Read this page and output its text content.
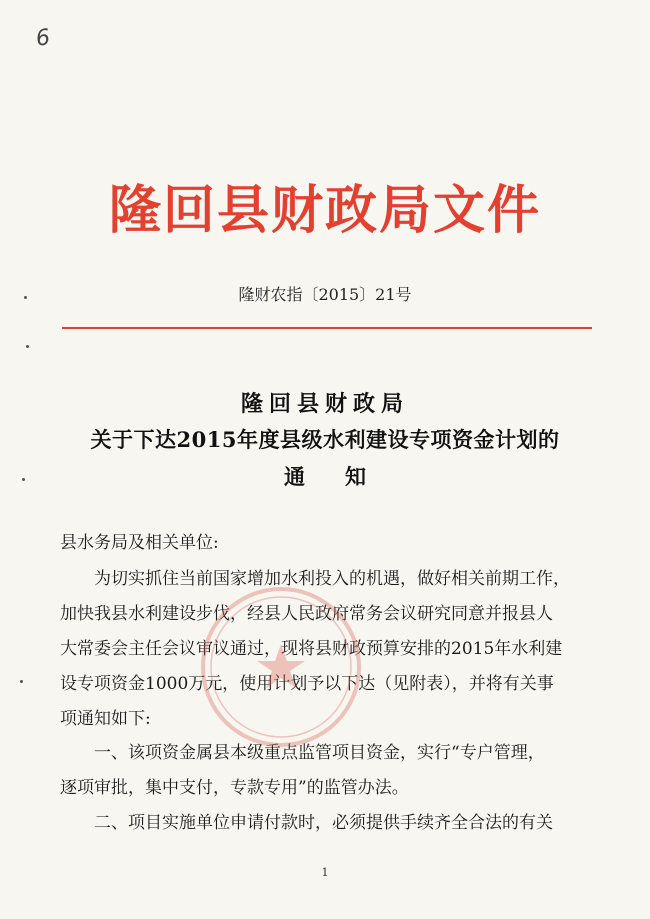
6
隆回县财政局文件
隆财农指〔2015〕21号
隆回县财政局
关于下达2015年度县级水利建设专项资金计划的
通知
县水务局及相关单位:
　　为切实抓住当前国家增加水利投入的机遇，做好相关前期工作，
加快我县水利建设步伐，经县人民政府常务会议研究同意并报县人
大常委会主任会议审议通过，现将县财政预算安排的2015年水利建
设专项资金1000万元，使用计划予以下达（见附表），并将有关事
项通知如下:
　　一、该项资金属县本级重点监管项目资金，实行“专户管理，
逐项审批，集中支付，专款专用”的监管办法。
　　二、项目实施单位申请付款时，必须提供手续齐全合法的有关
1
